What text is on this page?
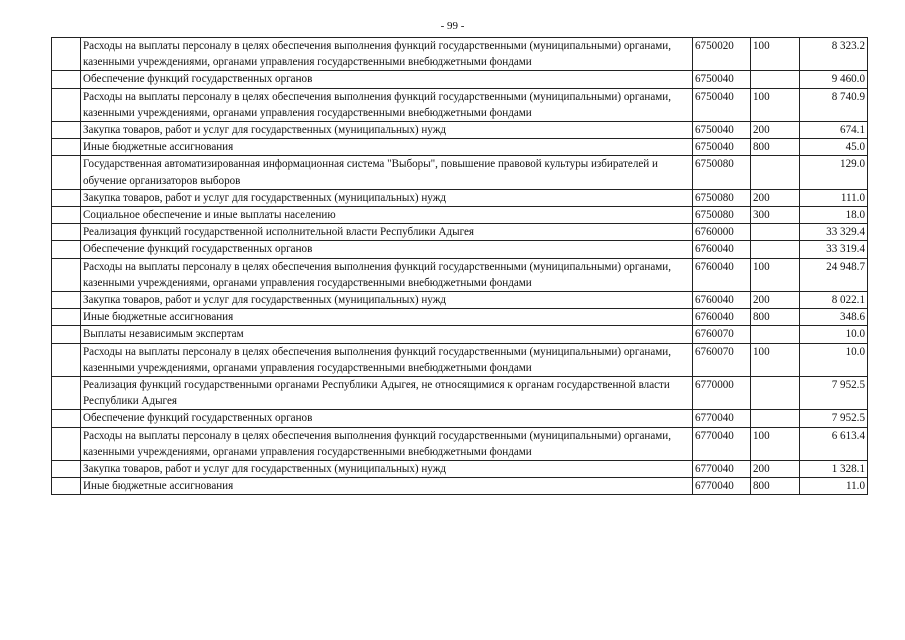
- 99 -
	Расходы на выплаты персоналу в целях обеспечения выполнения функций государственными (муниципальными) органами, казенными учреждениями, органами управления государственными внебюджетными фондами	6750020	100	8 323.2
	Обеспечение функций государственных органов	6750040		9 460.0
	Расходы на выплаты персоналу в целях обеспечения выполнения функций государственными (муниципальными) органами, казенными учреждениями, органами управления государственными внебюджетными фондами	6750040	100	8 740.9
	Закупка товаров, работ и услуг для государственных (муниципальных) нужд	6750040	200	674.1
	Иные бюджетные ассигнования	6750040	800	45.0
	Государственная автоматизированная информационная система "Выборы", повышение правовой культуры избирателей и обучение организаторов выборов	6750080		129.0
	Закупка товаров, работ и услуг для государственных (муниципальных) нужд	6750080	200	111.0
	Социальное обеспечение и иные выплаты населению	6750080	300	18.0
	Реализация функций государственной исполнительной власти Республики Адыгея	6760000		33 329.4
	Обеспечение функций государственных органов	6760040		33 319.4
	Расходы на выплаты персоналу в целях обеспечения выполнения функций государственными (муниципальными) органами, казенными учреждениями, органами управления государственными внебюджетными фондами	6760040	100	24 948.7
	Закупка товаров, работ и услуг для государственных (муниципальных) нужд	6760040	200	8 022.1
	Иные бюджетные ассигнования	6760040	800	348.6
	Выплаты независимым экспертам	6760070		10.0
	Расходы на выплаты персоналу в целях обеспечения выполнения функций государственными (муниципальными) органами, казенными учреждениями, органами управления государственными внебюджетными фондами	6760070	100	10.0
	Реализация функций государственными органами Республики Адыгея, не относящимися к органам государственной власти Республики Адыгея	6770000		7 952.5
	Обеспечение функций государственных органов	6770040		7 952.5
	Расходы на выплаты персоналу в целях обеспечения выполнения функций государственными (муниципальными) органами, казенными учреждениями, органами управления государственными внебюджетными фондами	6770040	100	6 613.4
	Закупка товаров, работ и услуг для государственных (муниципальных) нужд	6770040	200	1 328.1
	Иные бюджетные ассигнования	6770040	800	11.0
